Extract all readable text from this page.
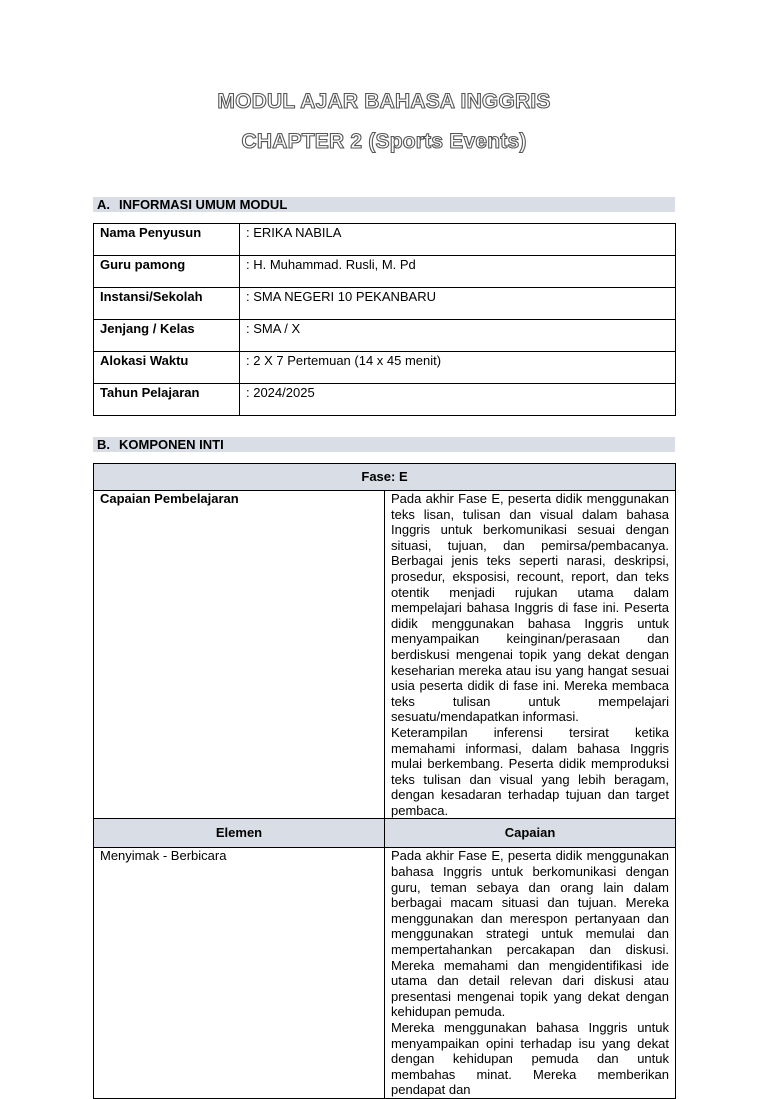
MODUL AJAR BAHASA INGGRIS
CHAPTER 2 (Sports Events)
A. INFORMASI UMUM MODUL
Nama Penyusun	: ERIKA NABILA
Guru pamong	: H. Muhammad. Rusli, M. Pd
Instansi/Sekolah	: SMA NEGERI 10 PEKANBARU
Jenjang / Kelas	: SMA / X
Alokasi Waktu	: 2 X 7 Pertemuan (14 x 45 menit)
Tahun Pelajaran	: 2024/2025
B. KOMPONEN INTI
Fase: E	
Capaian Pembelajaran	Pada akhir Fase E, peserta didik menggunakan teks lisan, tulisan dan visual dalam bahasa Inggris untuk berkomunikasi sesuai dengan situasi, tujuan, dan pemirsa/pembacanya. Berbagai jenis teks seperti narasi, deskripsi, prosedur, eksposisi, recount, report, dan teks otentik menjadi rujukan utama dalam mempelajari bahasa Inggris di fase ini. Peserta didik menggunakan bahasa Inggris untuk menyampaikan keinginan/perasaan dan berdiskusi mengenai topik yang dekat dengan keseharian mereka atau isu yang hangat sesuai usia peserta didik di fase ini. Mereka membaca teks tulisan untuk mempelajari sesuatu/mendapatkan informasi.

Keterampilan inferensi tersirat ketika memahami informasi, dalam bahasa Inggris mulai berkembang. Peserta didik memproduksi teks tulisan dan visual yang lebih beragam, dengan kesadaran terhadap tujuan dan target pembaca.

Elemen	Capaian
Menyimak - Berbicara	Pada akhir Fase E, peserta didik menggunakan bahasa Inggris untuk berkomunikasi dengan guru, teman sebaya dan orang lain dalam berbagai macam situasi dan tujuan. Mereka menggunakan dan merespon pertanyaan dan menggunakan strategi untuk memulai dan mempertahankan percakapan dan diskusi. Mereka memahami dan mengidentifikasi ide utama dan detail relevan dari diskusi atau presentasi mengenai topik yang dekat dengan kehidupan pemuda.

Mereka menggunakan bahasa Inggris untuk menyampaikan opini terhadap isu yang dekat dengan kehidupan pemuda dan untuk membahas minat. Mereka memberikan pendapat dan
